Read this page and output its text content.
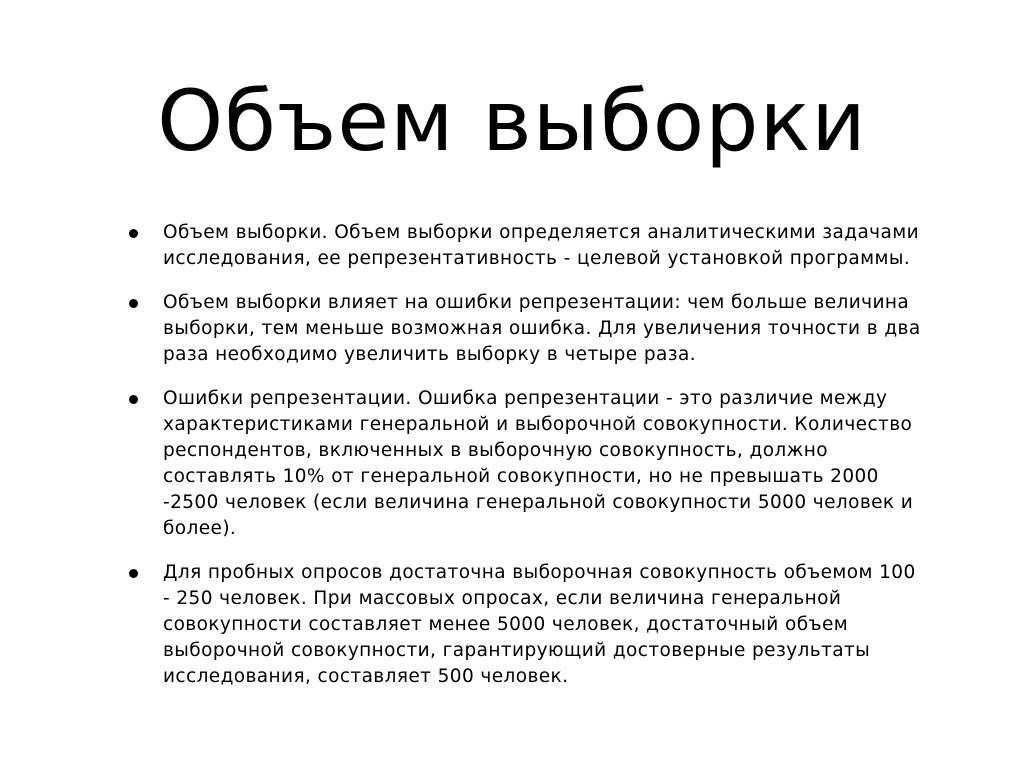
Объем выборки
Объем выборки. Объем выборки определяется аналитическими задачами исследования, ее репрезентативность - целевой установкой программы.
Объем выборки влияет на ошибки репрезентации: чем больше величина выборки, тем меньше возможная ошибка. Для увеличения точности в два раза необходимо увеличить выборку в четыре раза.
Ошибки репрезентации. Ошибка репрезентации - это различие между характеристиками генеральной и выборочной совокупности. Количество респондентов, включенных в выборочную совокупность, должно составлять 10% от генеральной совокупности, но не превышать 2000 -2500 человек (если величина генеральной совокупности 5000 человек и более).
Для пробных опросов достаточна выборочная совокупность объемом 100 - 250 человек. При массовых опросах, если величина генеральной совокупности составляет менее 5000 человек, достаточный объем выборочной совокупности, гарантирующий достоверные результаты исследования, составляет 500 человек.
